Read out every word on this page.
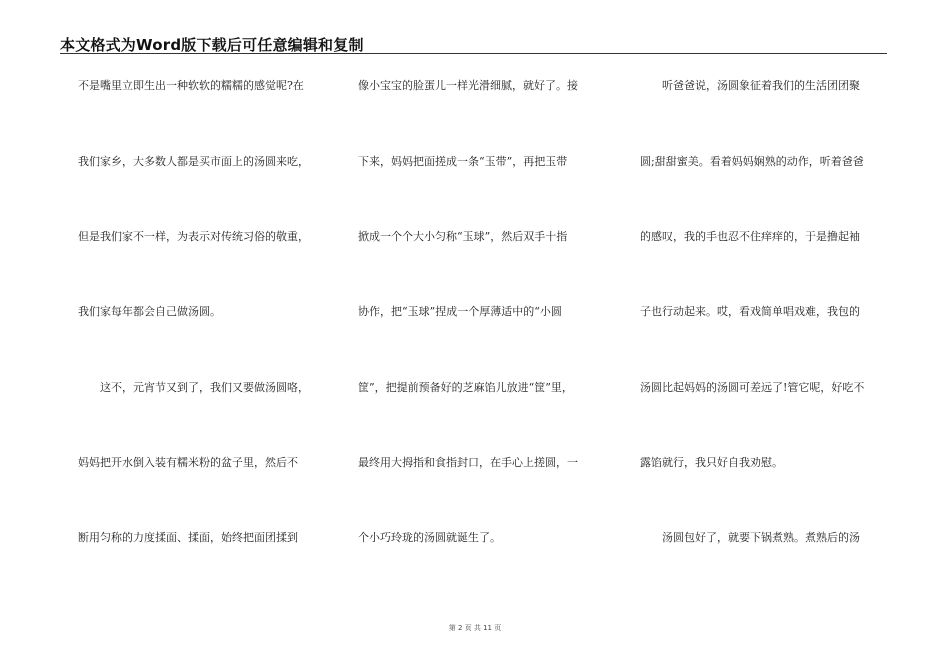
本文格式为Word版下载后可任意编辑和复制
不是嘴里立即生出一种软软的糯糯的感觉呢?在
我们家乡，大多数人都是买市面上的汤圆来吃，
但是我们家不一样，为表示对传统习俗的敬重，
我们家每年都会自己做汤圆。
这不，元宵节又到了，我们又要做汤圆咯，
妈妈把开水倒入装有糯米粉的盆子里，然后不
断用匀称的力度揉面、揉面，始终把面团揉到
像小宝宝的脸蛋儿一样光滑细腻，就好了。接
下来，妈妈把面搓成一条“玉带”，再把玉带
掀成一个个大小匀称“玉球”，然后双手十指
协作，把“玉球”捏成一个厚薄适中的“小圆
筐”，把提前预备好的芝麻馅儿放进“筐”里，
最终用大拇指和食指封口，在手心上搓圆，一
个小巧玲珑的汤圆就诞生了。
听爸爸说，汤圆象征着我们的生活团团聚
圆;甜甜蜜美。看着妈妈娴熟的动作，听着爸爸
的感叹，我的手也忍不住痒痒的，于是撸起袖
子也行动起来。哎，看戏简单唱戏难，我包的
汤圆比起妈妈的汤圆可差远了!管它呢，好吃不
露馅就行，我只好自我劝慰。
汤圆包好了，就要下锅煮熟。煮熟后的汤
第 2 页 共 11 页
